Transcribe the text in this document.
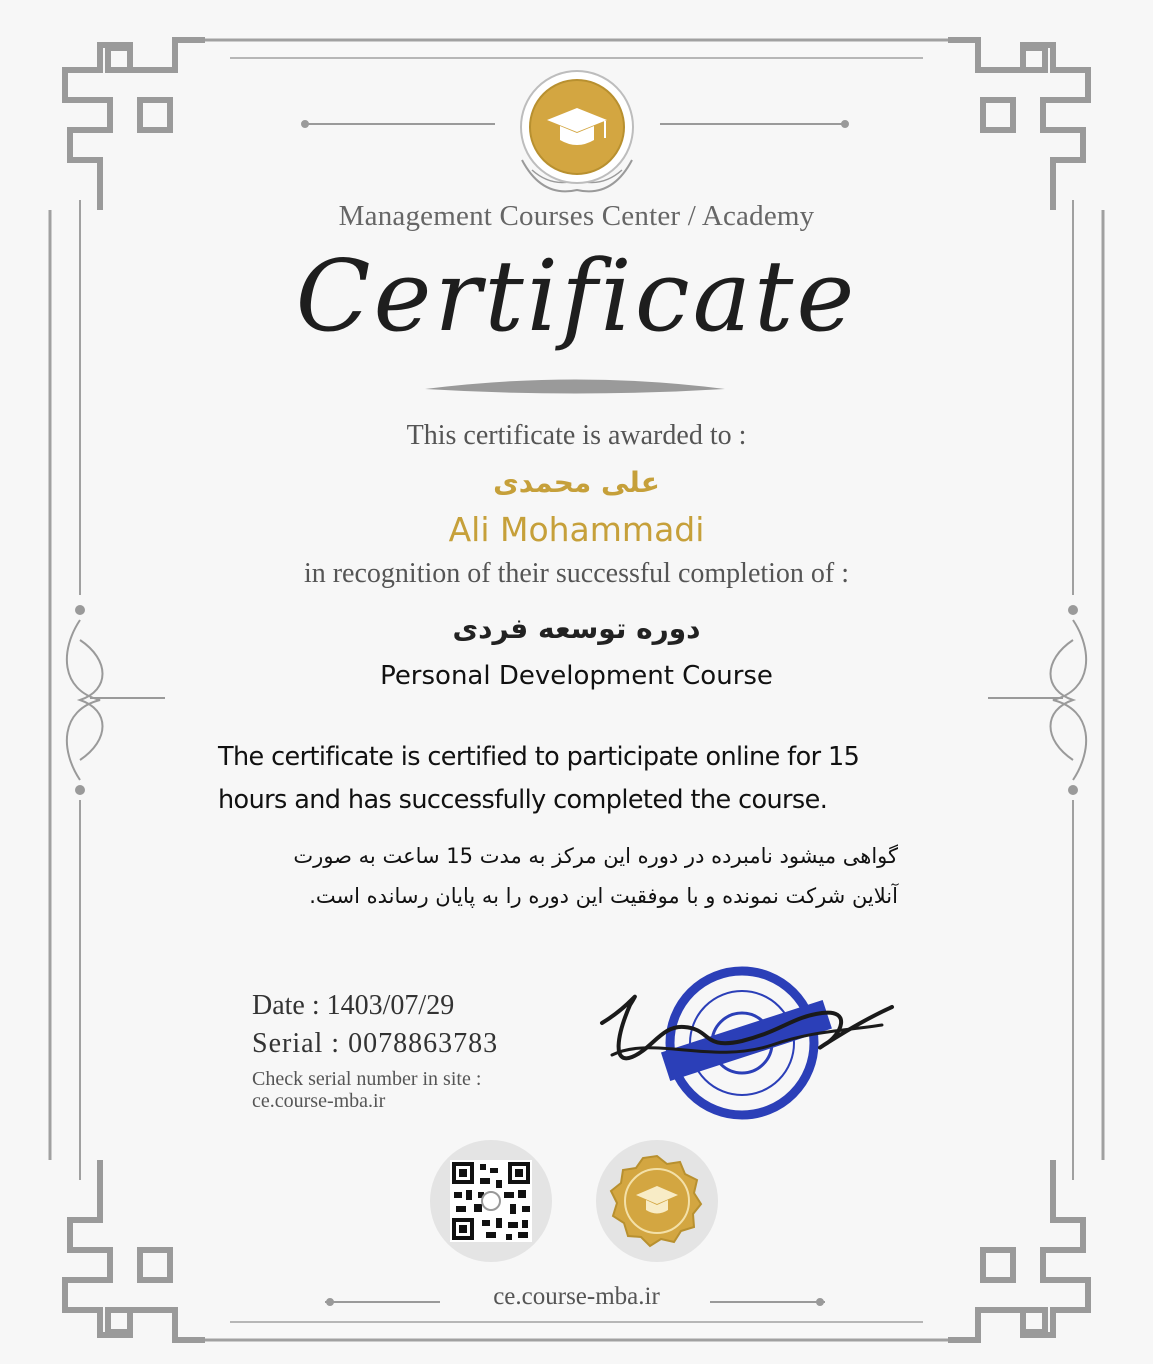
Management Courses Center / Academy

Certificate

This certificate is awarded to :

علی محمدی

Ali Mohammadi

in recognition of their successful completion of :

دوره توسعه فردی

Personal Development Course

The certificate is certified to participate online for 15 hours and has successfully completed the course.

گواهی میشود نامبرده در دوره این مرکز به مدت 15 ساعت به صورت آنلاین شرکت نمونده و با موفقیت این دوره را به پایان رسانده است.

Date : 1403/07/29

Serial : 0078863783

Check serial number in site : ce.course-mba.ir

ce.course-mba.ir
